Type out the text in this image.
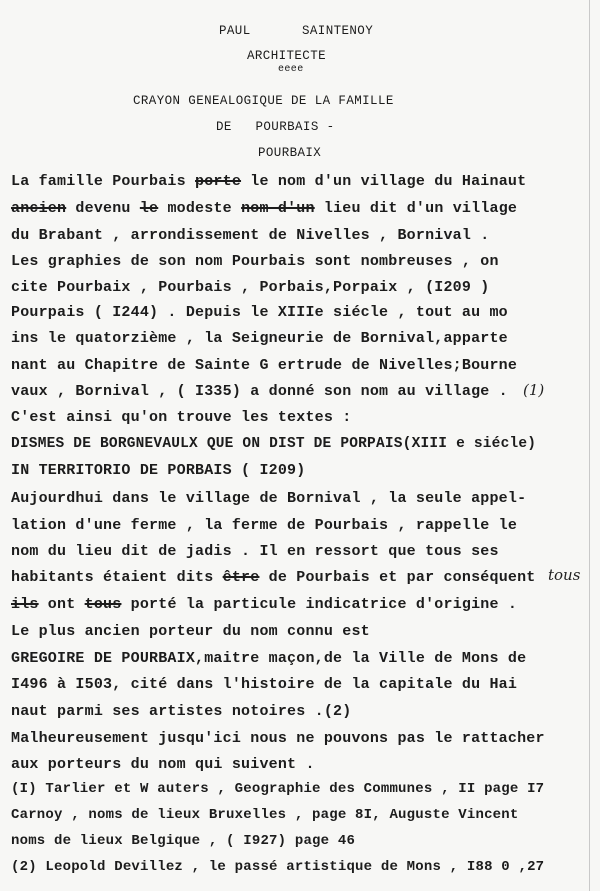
PAUL	SAINTENOY
ARCHITECTE
eeee
CRAYON GENEALOGIQUE DE LA FAMILLE
DE   POURBAIS -
POURBAIX
La famille Pourbais porte le nom d'un village du Hainaut
ancien devenu le modeste nom d'un lieu dit d'un village
du Brabant , arrondissement de Nivelles , Bornival .
Les graphies de son nom Pourbais sont nombreuses , on
cite Pourbaix , Pourbais , Porbais,Porpaix , (I209 )
Pourpais ( I244) . Depuis le XIIIe siécle , tout au mo
ins le quatorzième , la Seigneurie de Bornival,apparte
nant au Chapitre de Sainte G ertrude de Nivelles;Bourne
vaux , Bornival , ( I335) a donné son nom au village . (1)
C'est ainsi qu'on trouve les textes :
DISMES DE BORGNEVAULX QUE ON DIST DE PORPAIS(XIII e siécle)
IN TERRITORIO DE PORBAIS ( I209)
Aujourdhui dans le village de Bornival , la seule appel-
lation d'une ferme , la ferme de Pourbais , rappelle le
nom du lieu dit de jadis . Il en ressort que tous ses
habitants étaient dits être de Pourbais et par conséquent tous
ils ont tous porté la particule indicatrice d'origine .
Le plus ancien porteur du nom connu est
GREGOIRE DE POURBAIX,maitre maçon,de la Ville de Mons de
I496 à I503, cité dans l'histoire de la capitale du Hai
naut parmi ses artistes notoires .(2)
Malheureusement jusqu'ici nous ne pouvons pas le rattacher
aux porteurs du nom qui suivent .
(I) Tarlier et W auters , Geographie des Communes , II page I7
Carnoy , noms de lieux Bruxelles , page 8I, Auguste Vincent
noms de lieux Belgique , ( I927) page 46
(2) Leopold Devillez , le passé artistique de Mons , I88 0 ,27
